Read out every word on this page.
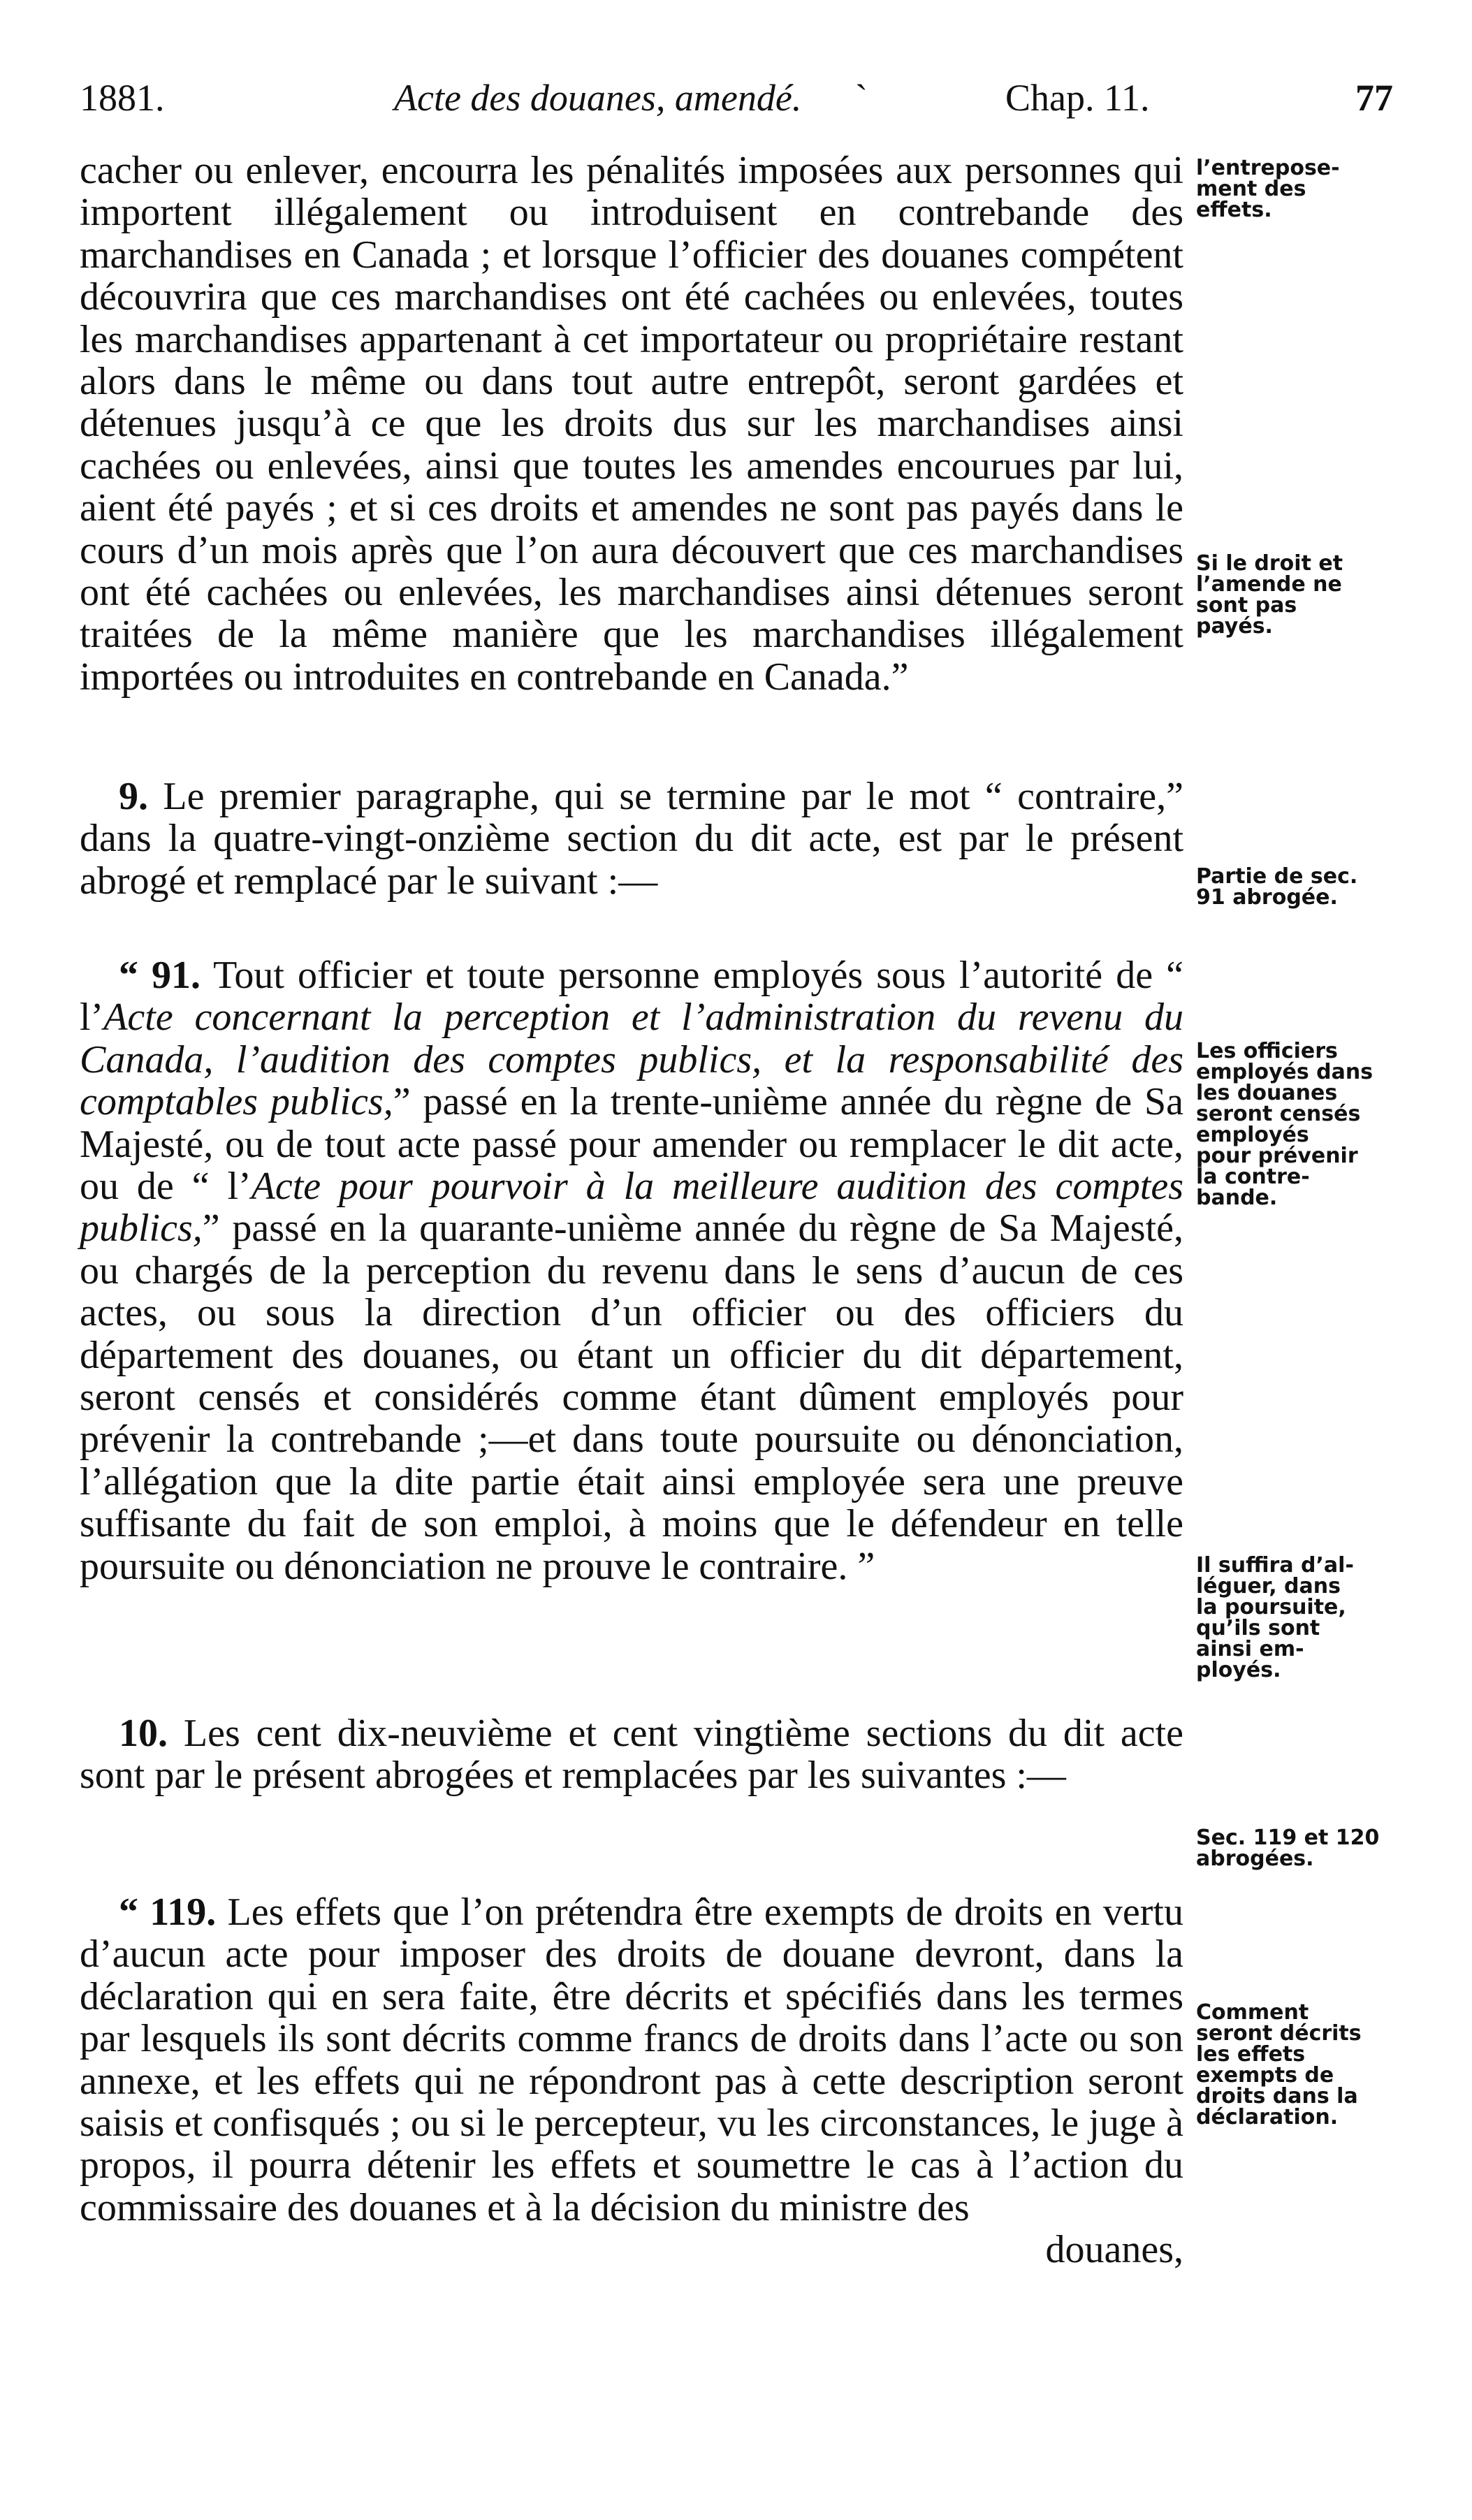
1881.	Acte des douanes, amendé. ˋ	Chap. 11.	77

cacher ou enlever, encourra les pénalités imposées aux personnes qui importent illégalement ou introduisent en contrebande des marchandises en Canada ; et lorsque l’officier des douanes compétent découvrira que ces marchandises ont été cachées ou enlevées, toutes les marchandises appartenant à cet importateur ou propriétaire restant alors dans le même ou dans tout autre entrepôt, seront gardées et détenues jusqu’à ce que les droits dus sur les marchandises ainsi cachées ou enlevées, ainsi que toutes les amendes encourues par lui, aient été payés ; et si ces droits et amendes ne sont pas payés dans le cours d’un mois après que l’on aura découvert que ces marchandises ont été cachées ou enlevées, les marchandises ainsi détenues seront traitées de la même manière que les marchandises illégalement importées ou introduites en contrebande en Canada.”

9. Le premier paragraphe, qui se termine par le mot “ contraire,” dans la quatre-vingt-onzième section du dit acte, est par le présent abrogé et remplacé par le suivant :—

“ 91. Tout officier et toute personne employés sous l’autorité de “ l’Acte concernant la perception et l’administration du revenu du Canada, l’audition des comptes publics, et la responsabilité des comptables publics,” passé en la trente-unième année du règne de Sa Majesté, ou de tout acte passé pour amender ou remplacer le dit acte, ou de “ l’Acte pour pourvoir à la meilleure audition des comptes publics,” passé en la quarante-unième année du règne de Sa Majesté, ou chargés de la perception du revenu dans le sens d’aucun de ces actes, ou sous la direction d’un officier ou des officiers du département des douanes, ou étant un officier du dit département, seront censés et considérés comme étant dûment employés pour prévenir la contrebande ;—et dans toute poursuite ou dénonciation, l’allégation que la dite partie était ainsi employée sera une preuve suffisante du fait de son emploi, à moins que le défendeur en telle poursuite ou dénonciation ne prouve le contraire. ”

10. Les cent dix-neuvième et cent vingtième sections du dit acte sont par le présent abrogées et remplacées par les suivantes :—

“ 119. Les effets que l’on prétendra être exempts de droits en vertu d’aucun acte pour imposer des droits de douane devront, dans la déclaration qui en sera faite, être décrits et spécifiés dans les termes par lesquels ils sont décrits comme francs de droits dans l’acte ou son annexe, et les effets qui ne répondront pas à cette description seront saisis et confisqués ; ou si le percepteur, vu les circonstances, le juge à propos, il pourra détenir les effets et soumettre le cas à l’action du commissaire des douanes et à la décision du ministre des

douanes,

l’entrepose-
ment des
effets.
Si le droit et
l’amende ne
sont pas
payés.
Partie de sec.
91 abrogée.
Les officiers
employés dans
les douanes
seront censés
employés
pour prévenir
la contre-
bande.
Il suffira d’al-
léguer, dans
la poursuite,
qu’ils sont
ainsi em-
ployés.
Sec. 119 et 120
abrogées.
Comment
seront décrits
les effets
exempts de
droits dans la
déclaration.
